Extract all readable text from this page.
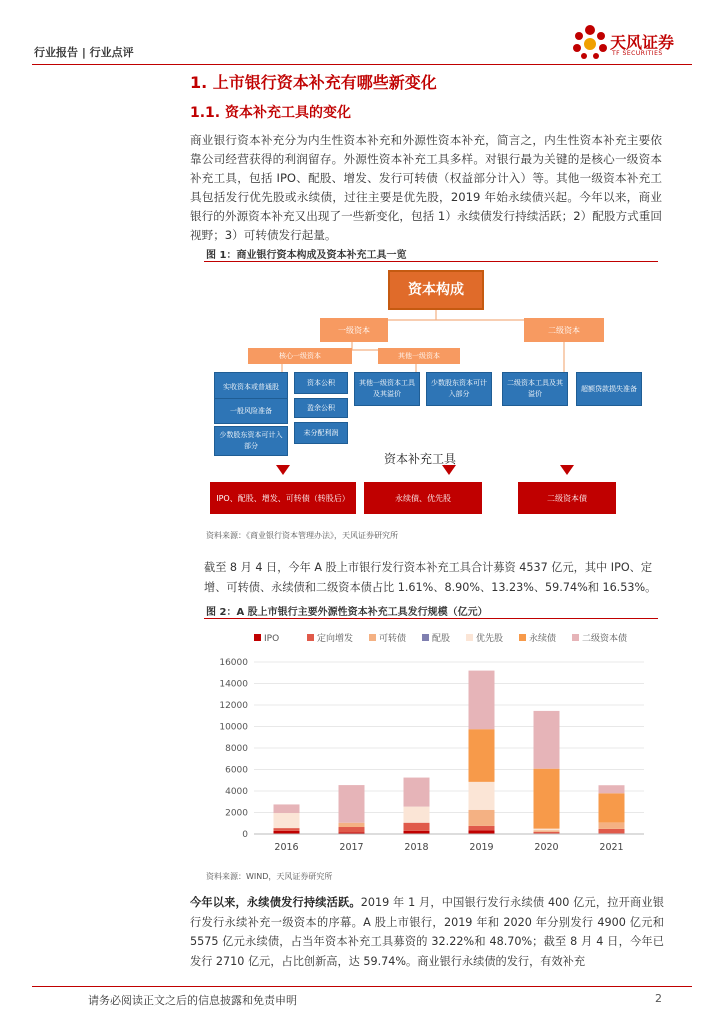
行业报告 | 行业点评
天风证券
TF SECURITIES
1. 上市银行资本补充有哪些新变化
1.1. 资本补充工具的变化
商业银行资本补充分为内生性资本补充和外源性资本补充，简言之，内生性资本补充主要依靠公司经营获得的利润留存。外源性资本补充工具多样。对银行最为关键的是核心一级资本补充工具，包括 IPO、配股、增发、发行可转债（权益部分计入）等。其他一级资本补充工具包括发行优先股或永续债，过往主要是优先股，2019 年始永续债兴起。今年以来，商业银行的外源资本补充又出现了一些新变化，包括 1）永续债发行持续活跃；2）配股方式重回视野；3）可转债发行起量。
图 1：商业银行资本构成及资本补充工具一览
资本构成
一级资本	二级资本
核心一级资本	其他一级资本
实收资本或普通股	资本公积
一般风险准备	盈余公积
少数股东资本可计入部分
未分配利润
其他一级资本工具及其溢价
少数股东资本可计入部分
二级资本工具及其溢价
超额贷款损失准备
资本补充工具
IPO、配股、增发、可转债（转股后）	永续债、优先股	二级资本债
资料来源：《商业银行资本管理办法》，天风证券研究所
截至 8 月 4 日，今年 A 股上市银行发行资本补充工具合计募资 4537 亿元，其中 IPO、定增、可转债、永续债和二级资本债占比 1.61%、8.90%、13.23%、59.74%和 16.53%。
图 2：A 股上市银行主要外源性资本补充工具发行规模（亿元）
IPO	定向增发	可转债	配股	优先股	永续债	二级资本债
0
2000
4000
6000
8000
10000
12000
14000
16000
2016	2017	2018	2019	2020	2021
资料来源：WIND，天风证券研究所
今年以来，永续债发行持续活跃。2019 年 1 月，中国银行发行永续债 400 亿元，拉开商业银行发行永续补充一级资本的序幕。A 股上市银行，2019 年和 2020 年分别发行 4900 亿元和 5575 亿元永续债，占当年资本补充工具募资的 32.22%和 48.70%；截至 8 月 4 日，今年已发行 2710 亿元，占比创新高，达 59.74%。商业银行永续债的发行，有效补充
请务必阅读正文之后的信息披露和免责申明	2
